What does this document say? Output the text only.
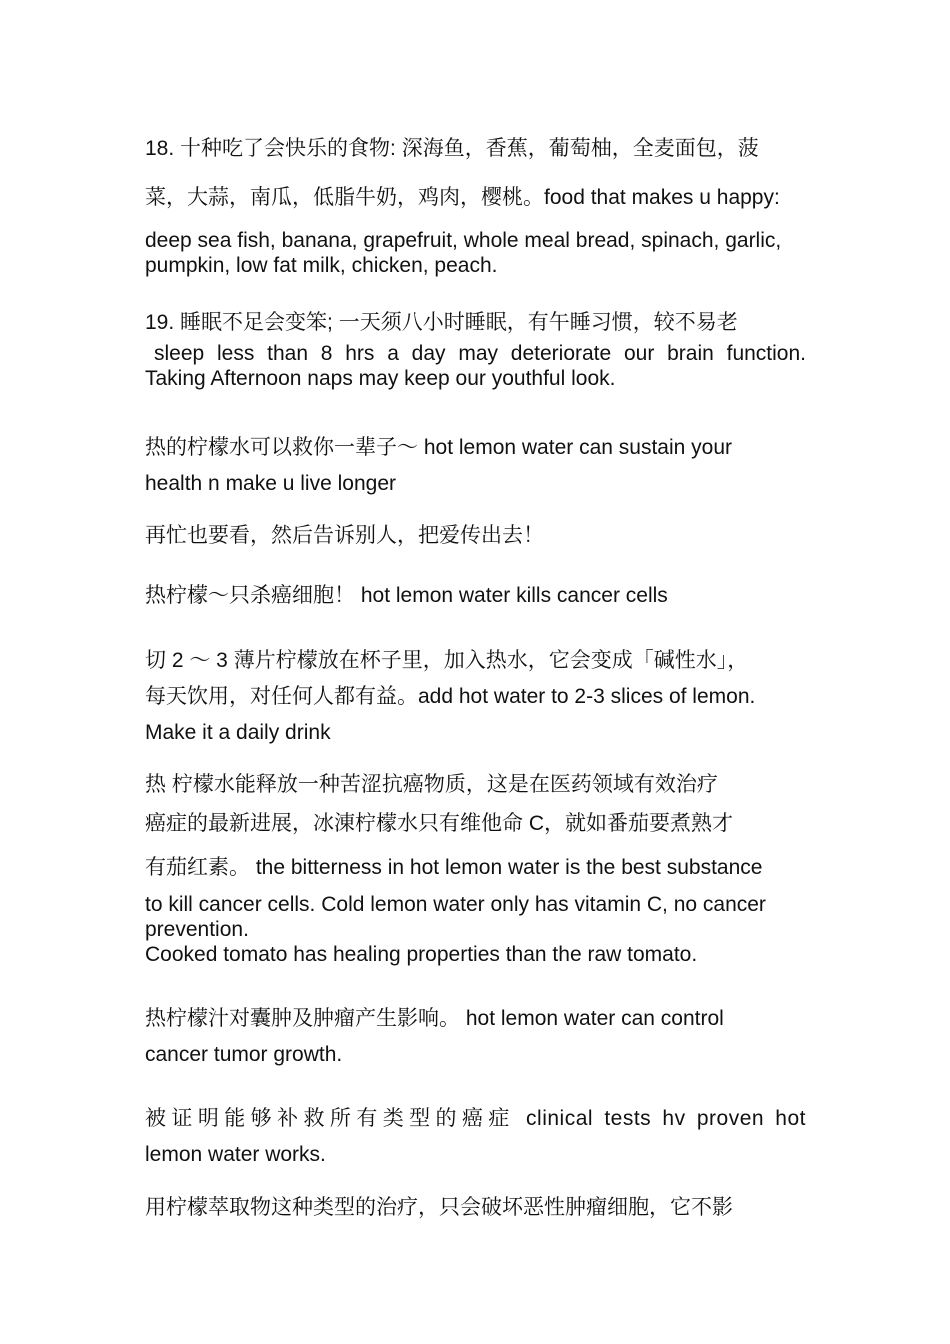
18. 十种吃了会快乐的食物: 深海鱼，香蕉，葡萄柚，全麦面包，菠
菜，大蒜，南瓜，低脂牛奶，鸡肉，樱桃。food that makes u happy:
deep sea fish, banana, grapefruit, whole meal bread, spinach, garlic,
pumpkin, low fat milk, chicken, peach.

19. 睡眠不足会变笨; 一天须八小时睡眠，有午睡习惯，较不易老
sleep less than 8 hrs a day may deteriorate our brain function.
Taking Afternoon naps may keep our youthful look.

热的柠檬水可以救你一辈子～ hot lemon water can sustain your
health n make u live longer

再忙也要看，然后告诉别人，把爱传出去！

热柠檬～只杀癌细胞！ hot lemon water kills cancer cells

切 2 ～ 3 薄片柠檬放在杯子里，加入热水，它会变成「碱性水」，
每天饮用，对任何人都有益。add hot water to 2-3 slices of lemon.
Make it a daily drink

热 柠檬水能释放一种苦涩抗癌物质，这是在医药领域有效治疗
癌症的最新进展，冰涷柠檬水只有维他命 C，就如番茄要煮熟才
有茄红素。 the bitterness in hot lemon water is the best substance
to kill cancer cells. Cold lemon water only has vitamin C, no cancer
prevention.
Cooked tomato has healing properties than the raw tomato.

热柠檬汁对囊肿及肿瘤产生影响。 hot lemon water can control
cancer tumor growth.

被证明能够补救所有类型的癌症 clinical tests hv proven hot
lemon water works.

用柠檬萃取物这种类型的治疗，只会破坏恶性肿瘤细胞，它不影
